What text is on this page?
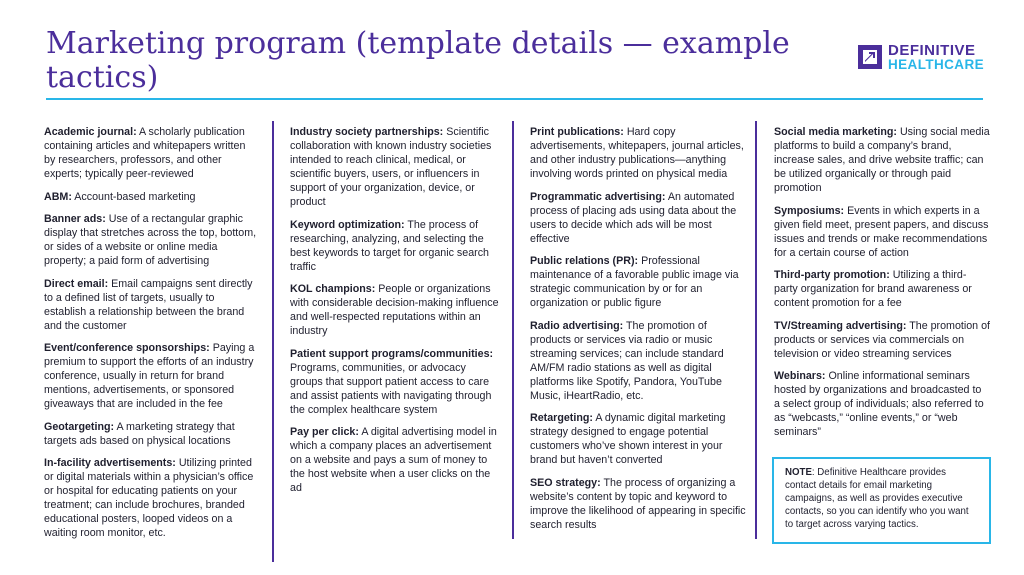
Marketing program (template details — example tactics)
DEFINITIVE
HEALTHCARE
Academic journal: A scholarly publication containing articles and whitepapers written by researchers, professors, and other experts; typically peer-reviewed
ABM: Account-based marketing
Banner ads: Use of a rectangular graphic display that stretches across the top, bottom, or sides of a website or online media property; a paid form of advertising
Direct email: Email campaigns sent directly to a defined list of targets, usually to establish a relationship between the brand and the customer
Event/conference sponsorships: Paying a premium to support the efforts of an industry conference, usually in return for brand mentions, advertisements, or sponsored giveaways that are included in the fee
Geotargeting: A marketing strategy that targets ads based on physical locations
In-facility advertisements: Utilizing printed or digital materials within a physician’s office or hospital for educating patients on your treatment; can include brochures, branded educational posters, looped videos on a waiting room monitor, etc.
Industry society partnerships: Scientific collaboration with known industry societies intended to reach clinical, medical, or scientific buyers, users, or influencers in support of your organization, device, or product
Keyword optimization: The process of researching, analyzing, and selecting the best keywords to target for organic search traffic
KOL champions: People or organizations with considerable decision-making influence and well-respected reputations within an industry
Patient support programs/communities: Programs, communities, or advocacy groups that support patient access to care and assist patients with navigating through the complex healthcare system
Pay per click: A digital advertising model in which a company places an advertisement on a website and pays a sum of money to the host website when a user clicks on the ad
Print publications: Hard copy advertisements, whitepapers, journal articles, and other industry publications—anything involving words printed on physical media
Programmatic advertising: An automated process of placing ads using data about the users to decide which ads will be most effective
Public relations (PR): Professional maintenance of a favorable public image via strategic communication by or for an organization or public figure
Radio advertising: The promotion of products or services via radio or music streaming services; can include standard AM/FM radio stations as well as digital platforms like Spotify, Pandora, YouTube Music, iHeartRadio, etc.
Retargeting: A dynamic digital marketing strategy designed to engage potential customers who’ve shown interest in your brand but haven’t converted
SEO strategy: The process of organizing a website’s content by topic and keyword to improve the likelihood of appearing in specific search results
Social media marketing: Using social media platforms to build a company’s brand, increase sales, and drive website traffic; can be utilized organically or through paid promotion
Symposiums: Events in which experts in a given field meet, present papers, and discuss issues and trends or make recommendations for a certain course of action
Third-party promotion: Utilizing a third-party organization for brand awareness or content promotion for a fee
TV/Streaming advertising: The promotion of products or services via commercials on television or video streaming services
Webinars: Online informational seminars hosted by organizations and broadcasted to a select group of individuals; also referred to as “webcasts,” “online events,” or “web seminars”
NOTE: Definitive Healthcare provides contact details for email marketing campaigns, as well as provides executive contacts, so you can identify who you want to target across varying tactics.
